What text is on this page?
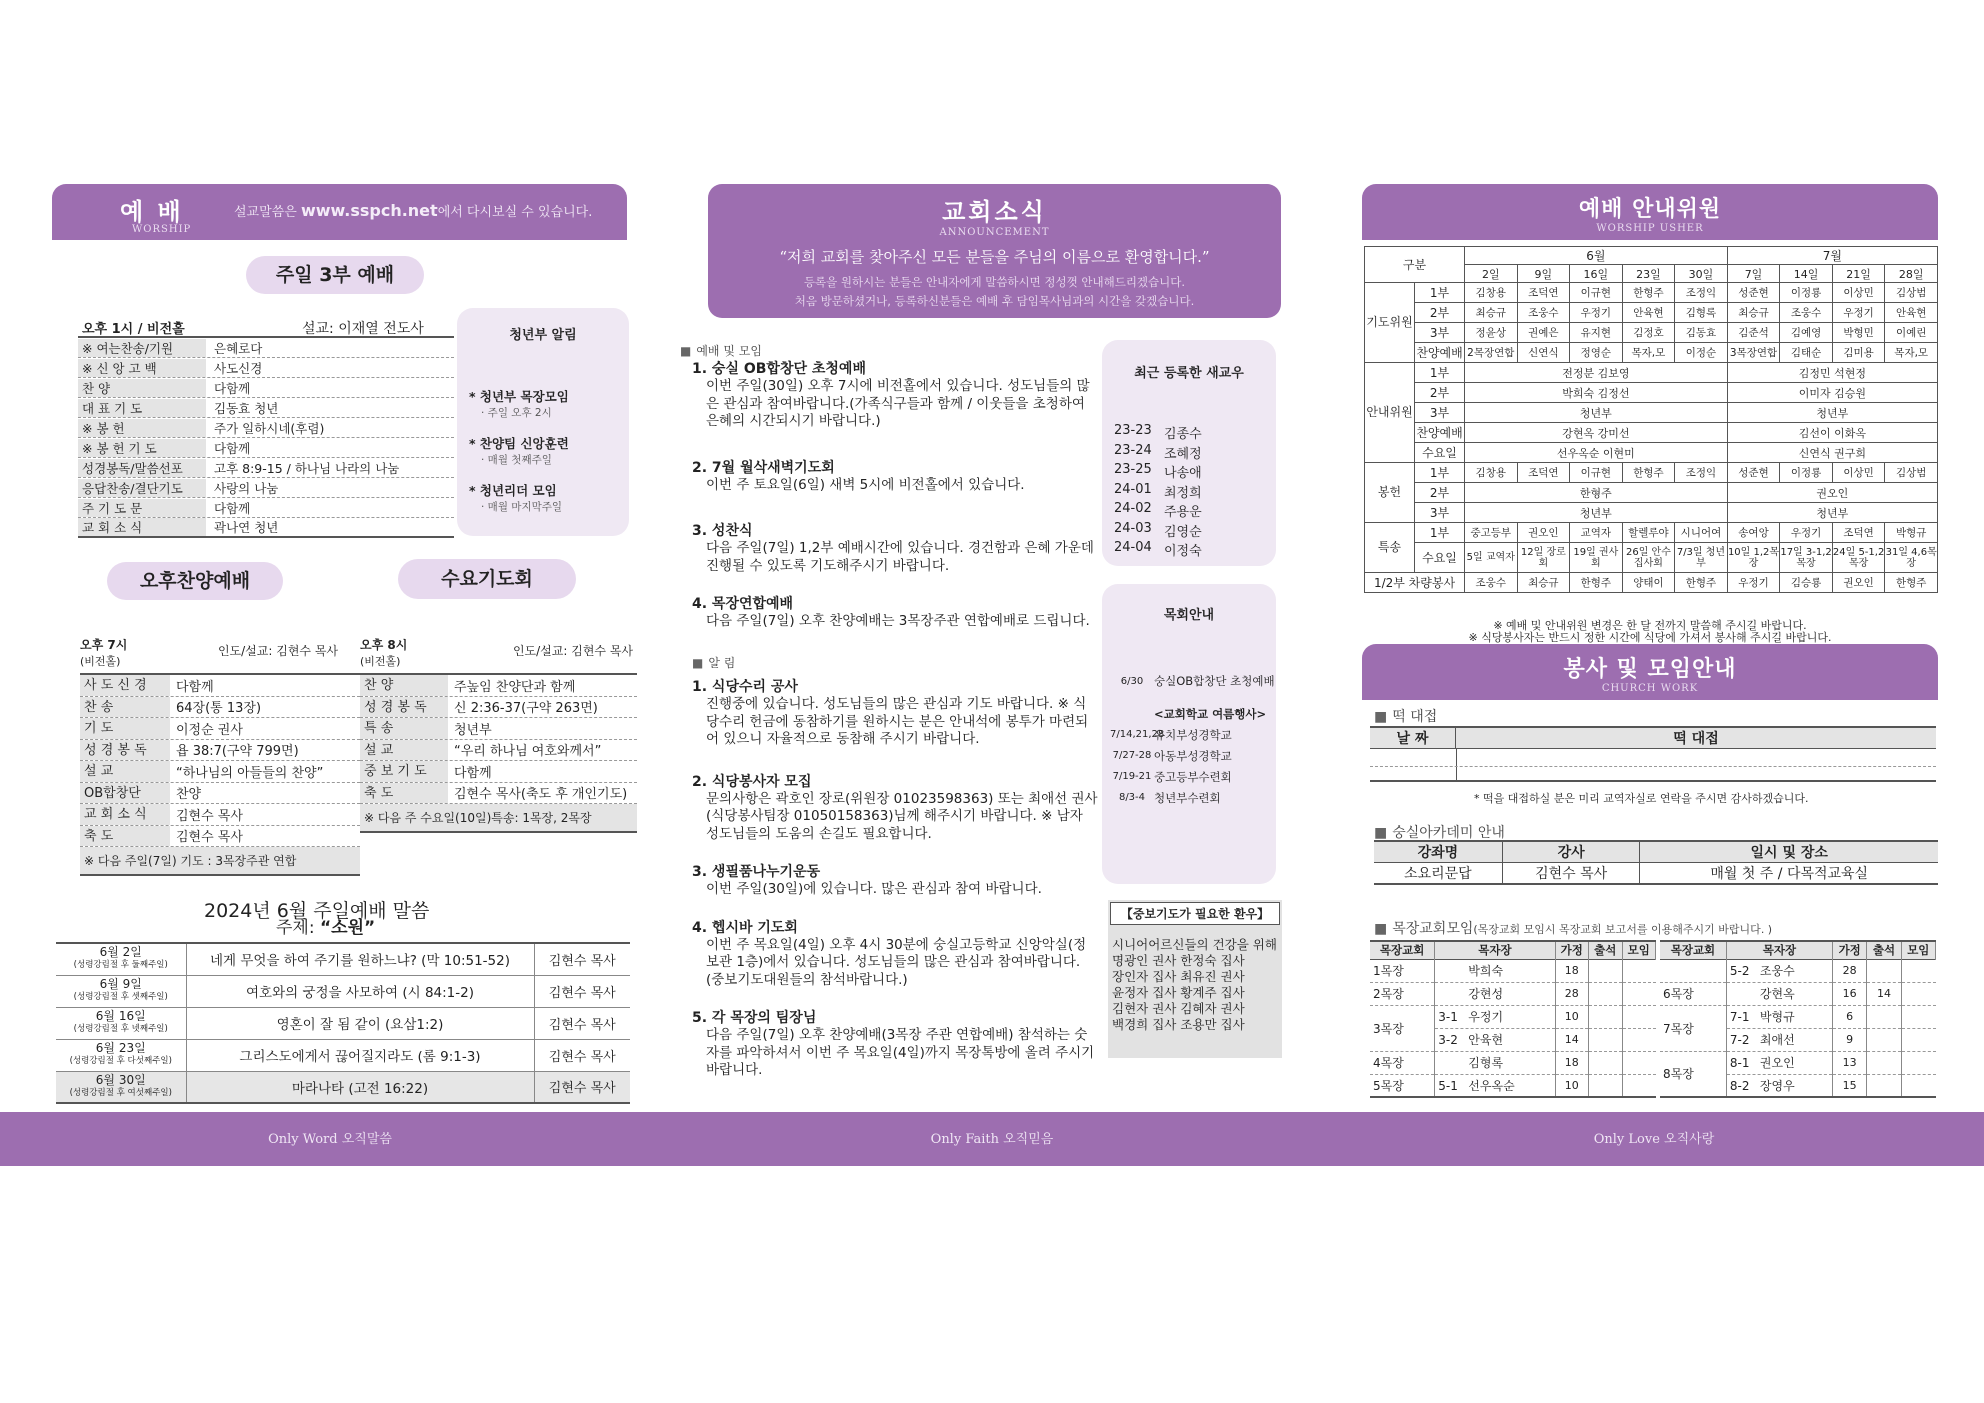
예 배
WORSHIP
설교말씀은 www.sspch.net에서 다시보실 수 있습니다.
주일 3부 예배
오후 1시 / 비전홀	설교: 이재열 전도사
※ 여는찬송/기원	은혜로다
※ 신 앙 고 백	사도신경
찬 양	다함께
대 표 기 도	김동효 청년
※ 봉 헌	주가 일하시네(후렴)
※ 봉 헌 기 도	다함께
성경봉독/말씀선포	고후 8:9-15 / 하나님 나라의 나눔
응답찬송/결단기도	사랑의 나눔
주 기 도 문	다함께
교 회 소 식	곽나연 청년
청년부 알림
* 청년부 목장모임
· 주일 오후 2시
* 찬양팀 신앙훈련
· 매월 첫째주일
* 청년리더 모임
· 매월 마지막주일
오후찬양예배	수요기도회
오후 7시
(비전홀)
인도/설교: 김현수 목사
사 도 신 경	다함께
찬 송	64장(통 13장)
기 도	이정순 권사
성 경 봉 독	욥 38:7(구약 799면)
설 교	“하나님의 아들들의 찬양”
OB합창단	찬양
교 회 소 식	김현수 목사
축 도	김현수 목사
※ 다음 주일(7일) 기도 : 3목장주관 연합
오후 8시
(비전홀)
인도/설교: 김현수 목사
찬 양	주높임 찬양단과 함께
성 경 봉 독	신 2:36-37(구약 263면)
특 송	청년부
설 교	“우리 하나님 여호와께서”
중 보 기 도	다함께
축 도	김현수 목사(축도 후 개인기도)
※ 다음 주 수요일(10일)특송: 1목장, 2목장
2024년 6월 주일예배 말씀
주제: “소원”
6월 2일
(성령강림절 후 둘째주일)	네게 무엇을 하여 주기를 원하느냐? (막 10:51-52)	김현수 목사

6월 9일
(성령강림절 후 셋째주일)	여호와의 궁정을 사모하여 (시 84:1-2)	김현수 목사

6월 16일
(성령강림절 후 넷째주일)	영혼이 잘 됨 같이 (요삼1:2)	김현수 목사

6월 23일
(성령강림절 후 다섯째주일)	그리스도에게서 끊어질지라도 (롬 9:1-3)	김현수 목사

6월 30일
(성령강림절 후 여섯째주일)	마라나타 (고전 16:22)	김현수 목사
교회소식
ANNOUNCEMENT
“저희 교회를 찾아주신 모든 분들을 주님의 이름으로 환영합니다.”
등록을 원하시는 분들은 안내자에게 말씀하시면 정성껏 안내해드리겠습니다.
처음 방문하셨거나, 등록하신분들은 예배 후 담임목사님과의 시간을 갖겠습니다.
■ 예배 및 모임
1. 숭실 OB합창단 초청예배
이번 주일(30일) 오후 7시에 비전홀에서 있습니다. 성도님들의 많은 관심과 참여바랍니다.(가족식구들과 함께 / 이웃들을 초청하여 은혜의 시간되시기 바랍니다.)
2. 7월 월삭새벽기도회
이번 주 토요일(6일) 새벽 5시에 비전홀에서 있습니다.
3. 성찬식
다음 주일(7일) 1,2부 예배시간에 있습니다. 경건함과 은혜 가운데 진행될 수 있도록 기도해주시기 바랍니다.
4. 목장연합예배
다음 주일(7일) 오후 찬양예배는 3목장주관 연합예배로 드립니다.
■ 알 림
1. 식당수리 공사
진행중에 있습니다. 성도님들의 많은 관심과 기도 바랍니다. ※ 식당수리 헌금에 동참하기를 원하시는 분은 안내석에 봉투가 마련되어 있으니 자율적으로 동참해 주시기 바랍니다.
2. 식당봉사자 모집
문의사항은 곽호인 장로(위원장 01023598363) 또는 최애선 권사(식당봉사팀장 01050158363)님께 해주시기 바랍니다. ※ 남자 성도님들의 도움의 손길도 필요합니다.
3. 생필품나누기운동
이번 주일(30일)에 있습니다. 많은 관심과 참여 바랍니다.
4. 헵시바 기도회
이번 주 목요일(4일) 오후 4시 30분에 숭실고등학교 신앙악실(정보관 1층)에서 있습니다. 성도님들의 많은 관심과 참여바랍니다.(중보기도대원들의 참석바랍니다.)
5. 각 목장의 팀장님
다음 주일(7일) 오후 찬양예배(3목장 주관 연합예배) 참석하는 숫자를 파악하셔서 이번 주 목요일(4일)까지 목장톡방에 올려 주시기 바랍니다.
최근 등록한 새교우
23-23 김종수
23-24 조혜정
23-25 나송애
24-01 최정희
24-02 주용운
24-03 김영순
24-04 이정숙
목회안내
6/30 숭실OB합창단 초청예배
<교회학교 여름행사>
7/14,21,28
유치부성경학교
7/27-28 아동부성경학교
7/19-21 중고등부수련회
8/3-4 청년부수련회
【중보기도가 필요한 환우】
시니어어르신들의 건강을 위해
명광인 권사 한정숙 집사
장인자 집사 최유진 권사
윤정자 집사 황계주 집사
김현자 권사 김혜자 권사
백경희 집사 조용만 집사
예배 안내위원
WORSHIP USHER
구분		6월					7월			
		2일	9일	16일	23일	30일	7일	14일	21일	28일
기도위원	1부	김창용	조덕연	이규현	한형주	조정익	성준현	이정룡	이상민	김상범
	2부	최승규	조웅수	우정기	안육현	김형록	최승규	조웅수	우정기	안육현
	3부	정윤상	권예은	유지현	김정호	김동효	김준석	김예영	박형민	이예린
	찬양예배	2목장연합	신연식	정영순	목자,모	이정순	3목장연합	김태순	김미용	목자,모
안내위원	1부	전정분 김보영					김정민 석현정			
	2부	박희숙 김정선					이미자 김승원			
	3부	청년부					청년부			
	찬양예배	강현옥 강미선					김선이 이화옥			
	수요일	선우옥순 이현미					신연식 권구희			
봉헌	1부	김창용	조덕연	이규현	한형주	조정익	성준현	이정룡	이상민	김상범
	2부	한형주					권오인			
	3부	청년부					청년부			
특송	1부	중고등부	권오인	교역자	할렐루야	시니어여	송여앙	우정기	조덕연	박형규
	수요일	5일 교역자	12일 장로회	19일 권사회	26일 안수집사회	7/3일 청년부	10일 1,2목장	17일 3-1,2목장	24일 5-1,2목장	31일 4,6목장
1/2부 차량봉사		조웅수	최승규	한형주	양태이	한형주	우정기	김승룡	권오인	한형주
※ 예배 및 안내위원 변경은 한 달 전까지 말씀해 주시길 바랍니다.
※ 식당봉사자는 반드시 정한 시간에 식당에 가셔서 봉사해 주시길 바랍니다.
봉사 및 모임안내
CHURCH WORK
■ 떡 대접
날 짜	떡 대접
* 떡을 대접하실 분은 미리 교역자실로 연락을 주시면 감사하겠습니다.
■ 숭실아카데미 안내
강좌명	강사	일시 및 장소
소요리문답	김현수 목사	매월 첫 주 / 다목적교육실
■ 목장교회모임(목장교회 모임시 목장교회 보고서를 이용해주시기 바랍니다. )
목장교회	목자장	가정	출석	모임
1목장	박희숙	18		
2목장	강현성	28		
3목장	3-1 우정기	10		
	3-2 안육현	14		
4목장	김형록	18		
5목장	5-1 선우옥순	10		
목장교회	목자장	가정	출석	모임
	5-2 조웅수	28		
6목장	강현옥	16	14	
7목장	7-1 박형규	6		
	7-2 최애선	9		
8목장	8-1 권오인	13		
	8-2 장영우	15		
Only Word 오직말씀	Only Faith 오직믿음	Only Love 오직사랑
